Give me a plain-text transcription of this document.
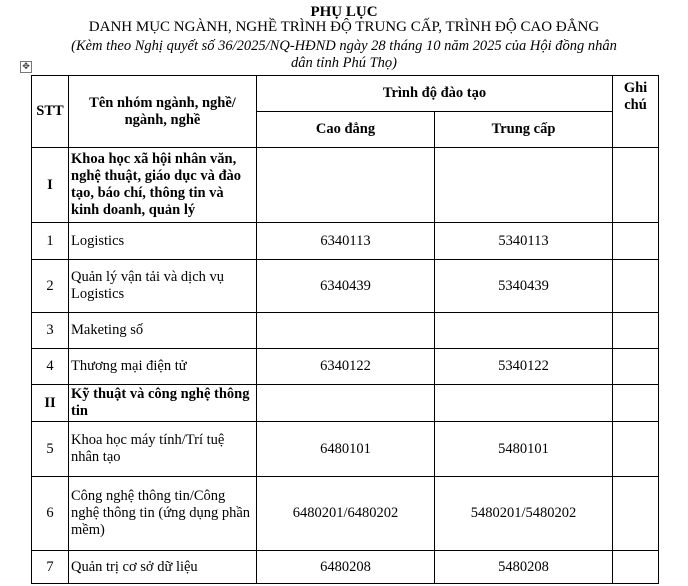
PHỤ LỤC
DANH MỤC NGÀNH, NGHỀ TRÌNH ĐỘ TRUNG CẤP, TRÌNH ĐỘ CAO ĐẲNG
(Kèm theo Nghị quyết số 36/2025/NQ-HĐND ngày 28 tháng 10 năm 2025 của Hội đồng nhân
dân tỉnh Phú Thọ)
✥
STT	Tên nhóm ngành, nghề/ ngành, nghề	Trình độ đào tạo		Ghi chú
		Cao đẳng	Trung cấp	
I	Khoa học xã hội nhân văn, nghệ thuật, giáo dục và đào tạo, báo chí, thông tin và kinh doanh, quản lý			
1	Logistics	6340113	5340113	
2	Quản lý vận tải và dịch vụ Logistics	6340439	5340439	
3	Maketing số			
4	Thương mại điện tử	6340122	5340122	
II	Kỹ thuật và công nghệ thông tin			
5	Khoa học máy tính/Trí tuệ nhân tạo	6480101	5480101	
6	Công nghệ thông tin/Công nghệ thông tin (ứng dụng phần mềm)	6480201/6480202	5480201/5480202	
7	Quản trị cơ sở dữ liệu	6480208	5480208	
